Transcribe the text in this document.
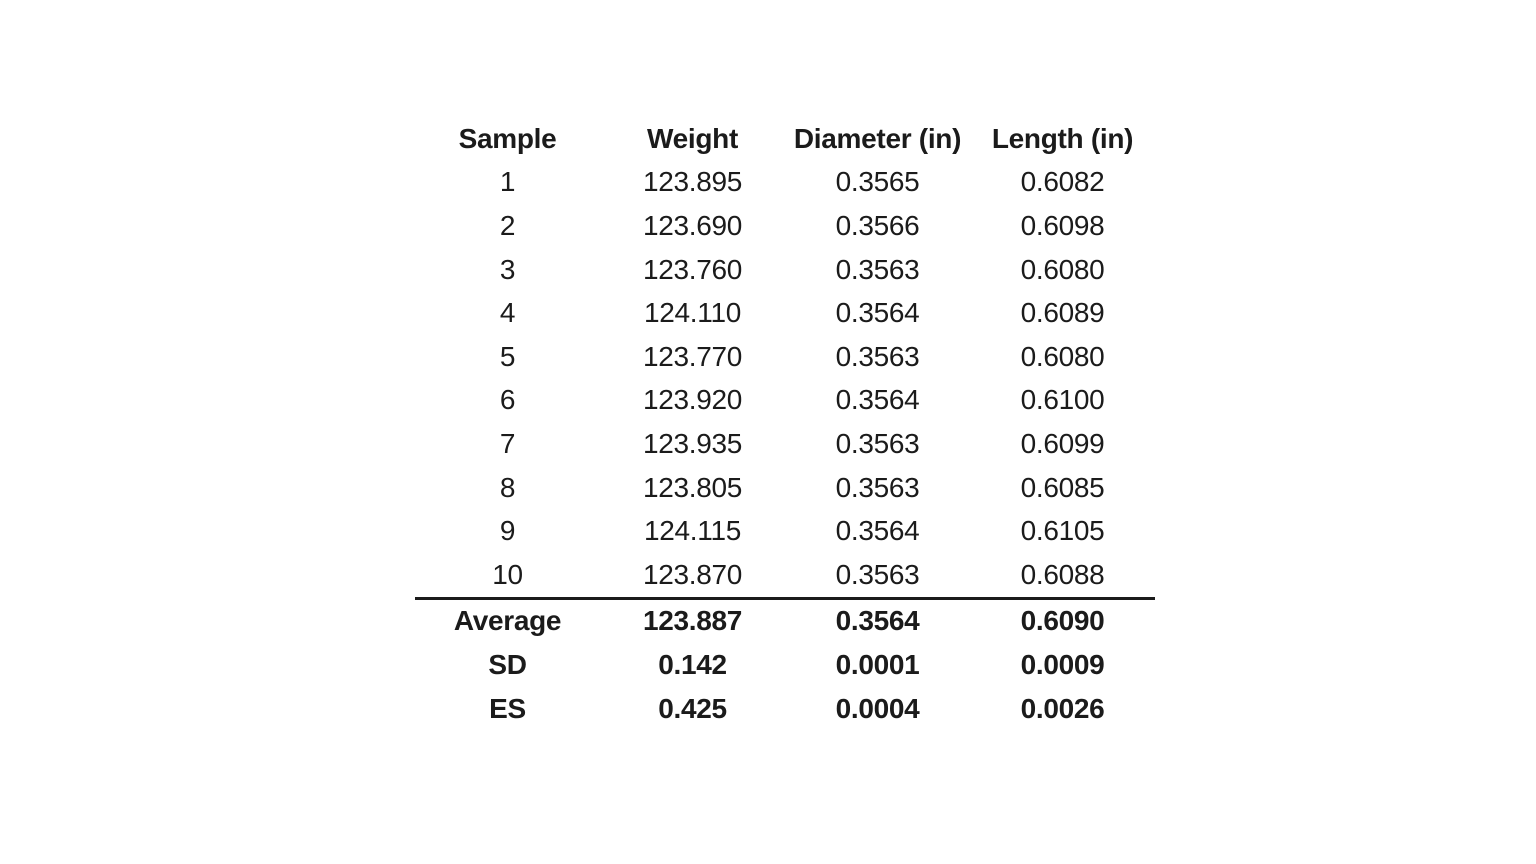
Sample	Weight	Diameter (in)	Length (in)
1	123.895	0.3565	0.6082
2	123.690	0.3566	0.6098
3	123.760	0.3563	0.6080
4	124.110	0.3564	0.6089
5	123.770	0.3563	0.6080
6	123.920	0.3564	0.6100
7	123.935	0.3563	0.6099
8	123.805	0.3563	0.6085
9	124.115	0.3564	0.6105
10	123.870	0.3563	0.6088
Average	123.887	0.3564	0.6090
SD	0.142	0.0001	0.0009
ES	0.425	0.0004	0.0026
